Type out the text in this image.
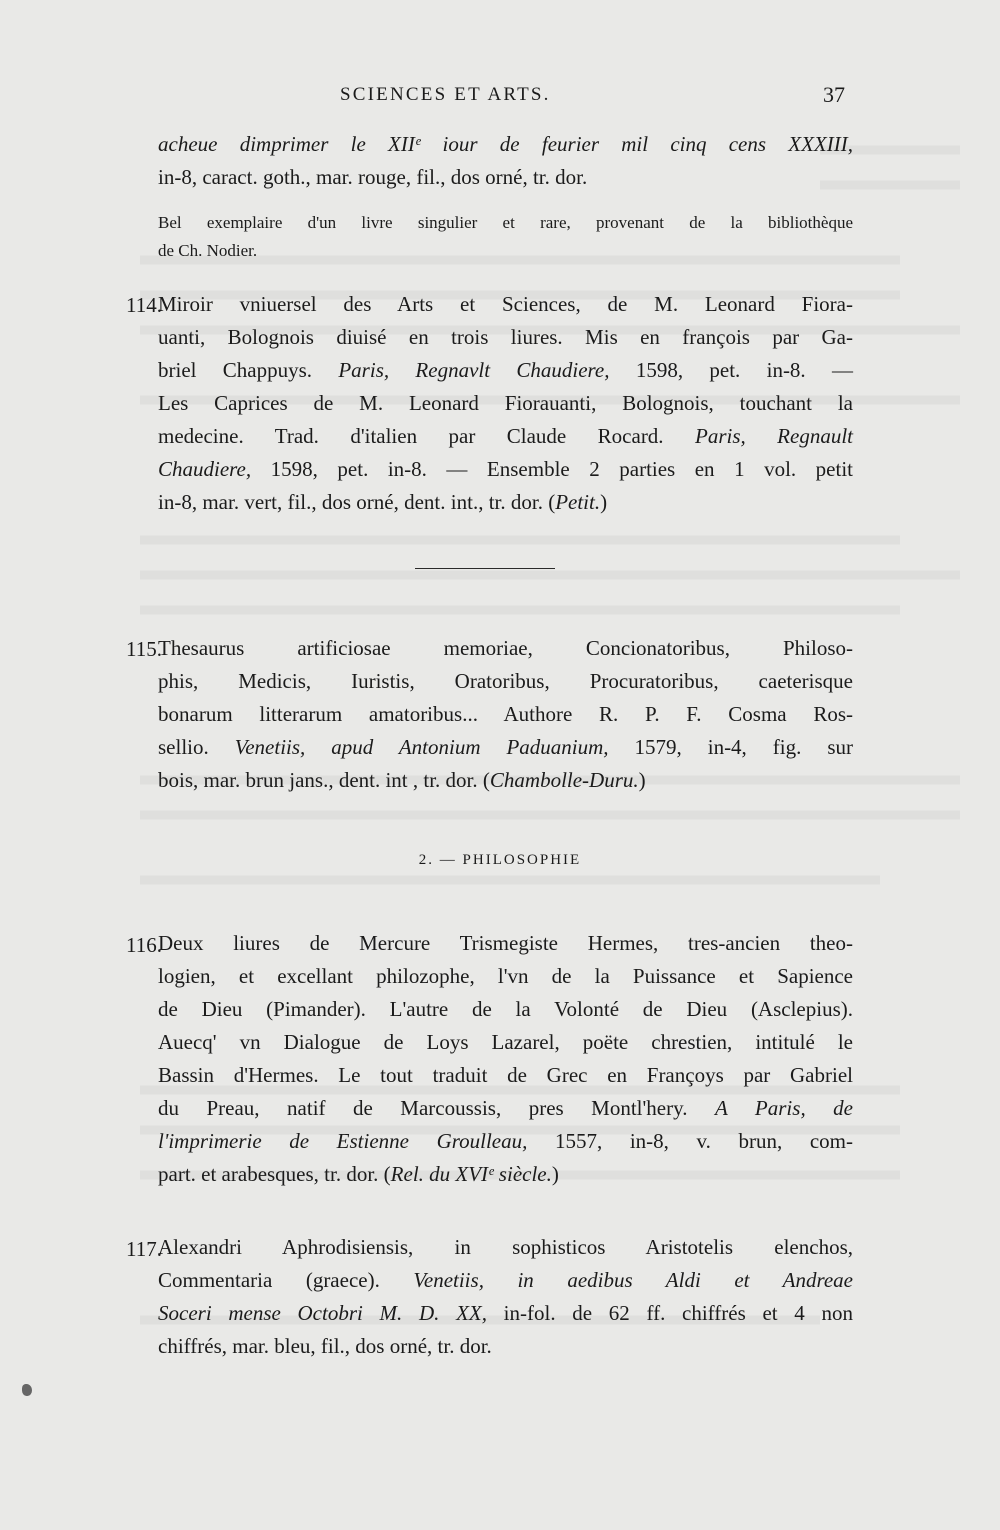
SCIENCES ET ARTS.	37
acheue dimprimer le XIIᵉ iour de feurier mil cinq cens XXXIII,
in-8, caract. goth., mar. rouge, fil., dos orné, tr. dor.
Bel exemplaire d'un livre singulier et rare, provenant de la bibliothèque
de Ch. Nodier.
114.
Miroir vniuersel des Arts et Sciences, de M. Leonard Fiora-
uanti, Bolognois diuisé en trois liures. Mis en françois par Ga-
briel Chappuys. Paris, Regnavlt Chaudiere, 1598, pet. in-8. —
Les Caprices de M. Leonard Fiorauanti, Bolognois, touchant la
medecine. Trad. d'italien par Claude Rocard. Paris, Regnault
Chaudiere, 1598, pet. in-8. — Ensemble 2 parties en 1 vol. petit
in-8, mar. vert, fil., dos orné, dent. int., tr. dor. (Petit.)
115.
Thesaurus artificiosae memoriae, Concionatoribus, Philoso-
phis, Medicis, Iuristis, Oratoribus, Procuratoribus, caeterisque
bonarum litterarum amatoribus... Authore R. P. F. Cosma Ros-
sellio. Venetiis, apud Antonium Paduanium, 1579, in-4, fig. sur
bois, mar. brun jans., dent. int , tr. dor. (Chambolle-Duru.)
2. — PHILOSOPHIE
116.
Deux liures de Mercure Trismegiste Hermes, tres-ancien theo-
logien, et excellant philozophe, l'vn de la Puissance et Sapience
de Dieu (Pimander). L'autre de la Volonté de Dieu (Asclepius).
Auecq' vn Dialogue de Loys Lazarel, poëte chrestien, intitulé le
Bassin d'Hermes. Le tout traduit de Grec en Françoys par Gabriel
du Preau, natif de Marcoussis, pres Montl'hery. A Paris, de
l'imprimerie de Estienne Groulleau, 1557, in-8, v. brun, com-
part. et arabesques, tr. dor. (Rel. du XVIᵉ siècle.)
117.
Alexandri Aphrodisiensis, in sophisticos Aristotelis elenchos,
Commentaria (graece). Venetiis, in aedibus Aldi et Andreae
Soceri mense Octobri M. D. XX, in-fol. de 62 ff. chiffrés et 4 non
chiffrés, mar. bleu, fil., dos orné, tr. dor.
